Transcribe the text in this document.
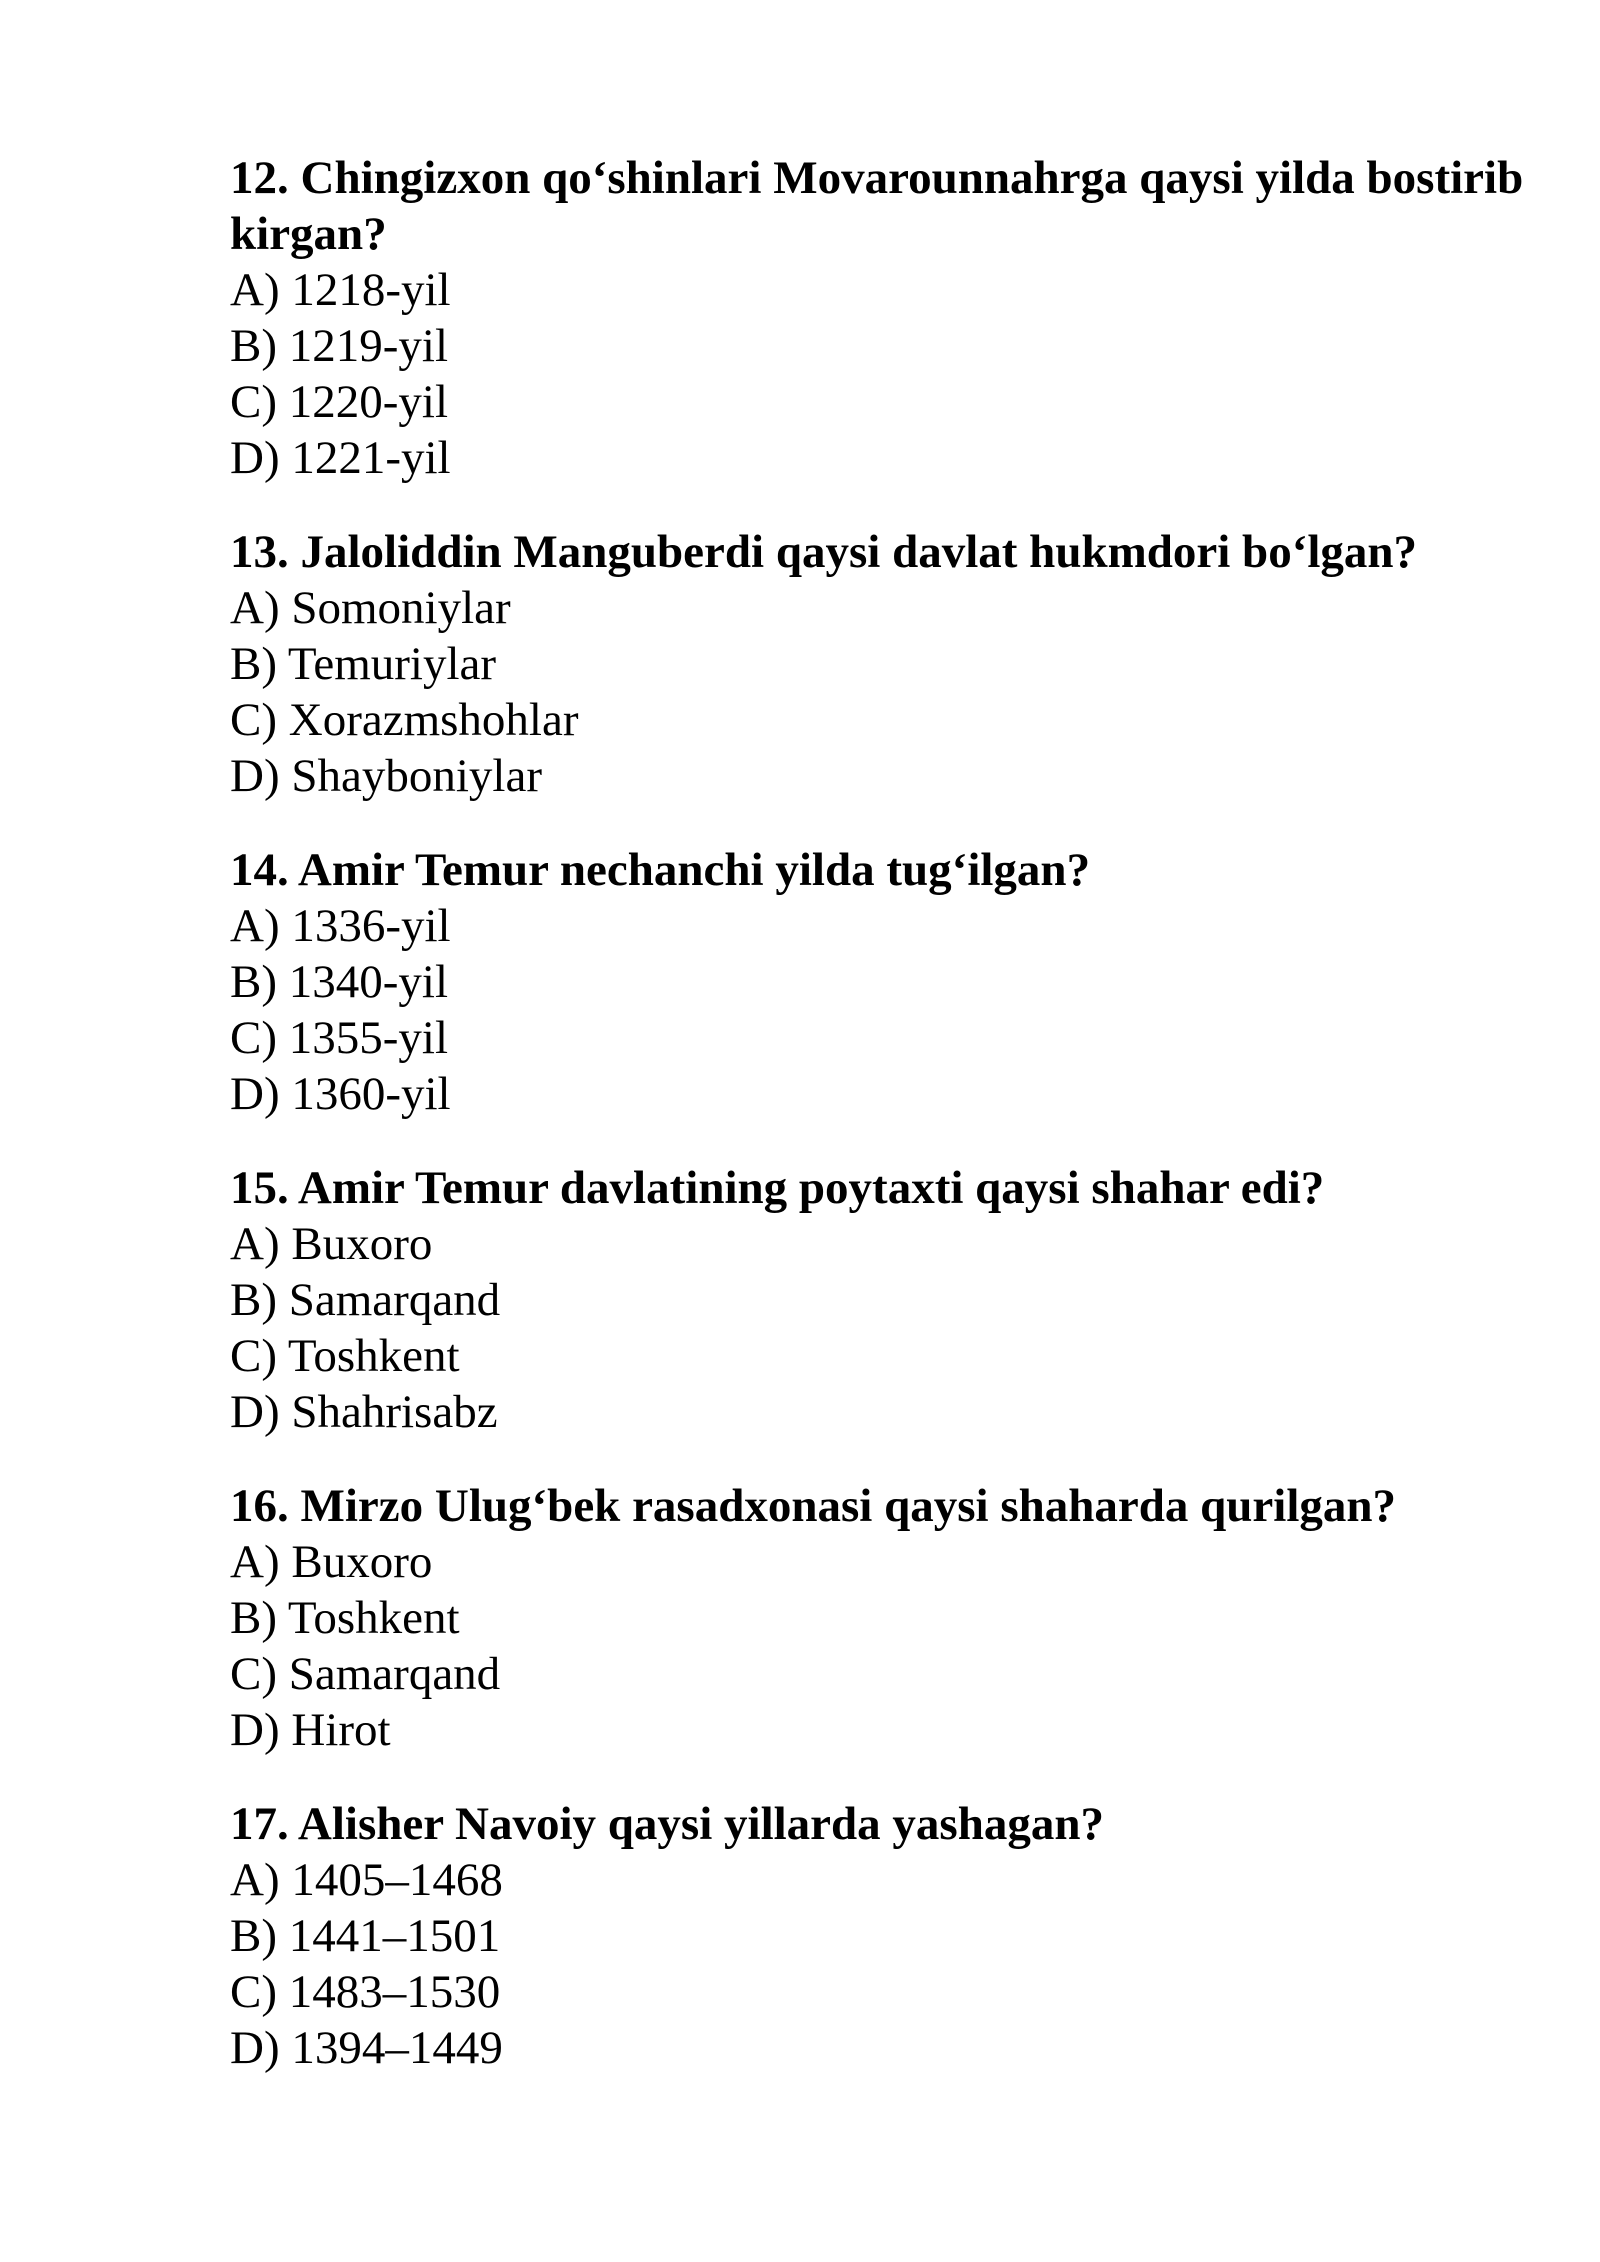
12. Chingizxon qo‘shinlari Movarounnahrga qaysi yilda bostirib kirgan?

A) 1218-yil
B) 1219-yil
C) 1220-yil
D) 1221-yil

13. Jaloliddin Manguberdi qaysi davlat hukmdori bo‘lgan?

A) Somoniylar
B) Temuriylar
C) Xorazmshohlar
D) Shayboniylar

14. Amir Temur nechanchi yilda tug‘ilgan?

A) 1336-yil
B) 1340-yil
C) 1355-yil
D) 1360-yil

15. Amir Temur davlatining poytaxti qaysi shahar edi?

A) Buxoro
B) Samarqand
C) Toshkent
D) Shahrisabz

16. Mirzo Ulug‘bek rasadxonasi qaysi shaharda qurilgan?

A) Buxoro
B) Toshkent
C) Samarqand
D) Hirot

17. Alisher Navoiy qaysi yillarda yashagan?

A) 1405–1468
B) 1441–1501
C) 1483–1530
D) 1394–1449
